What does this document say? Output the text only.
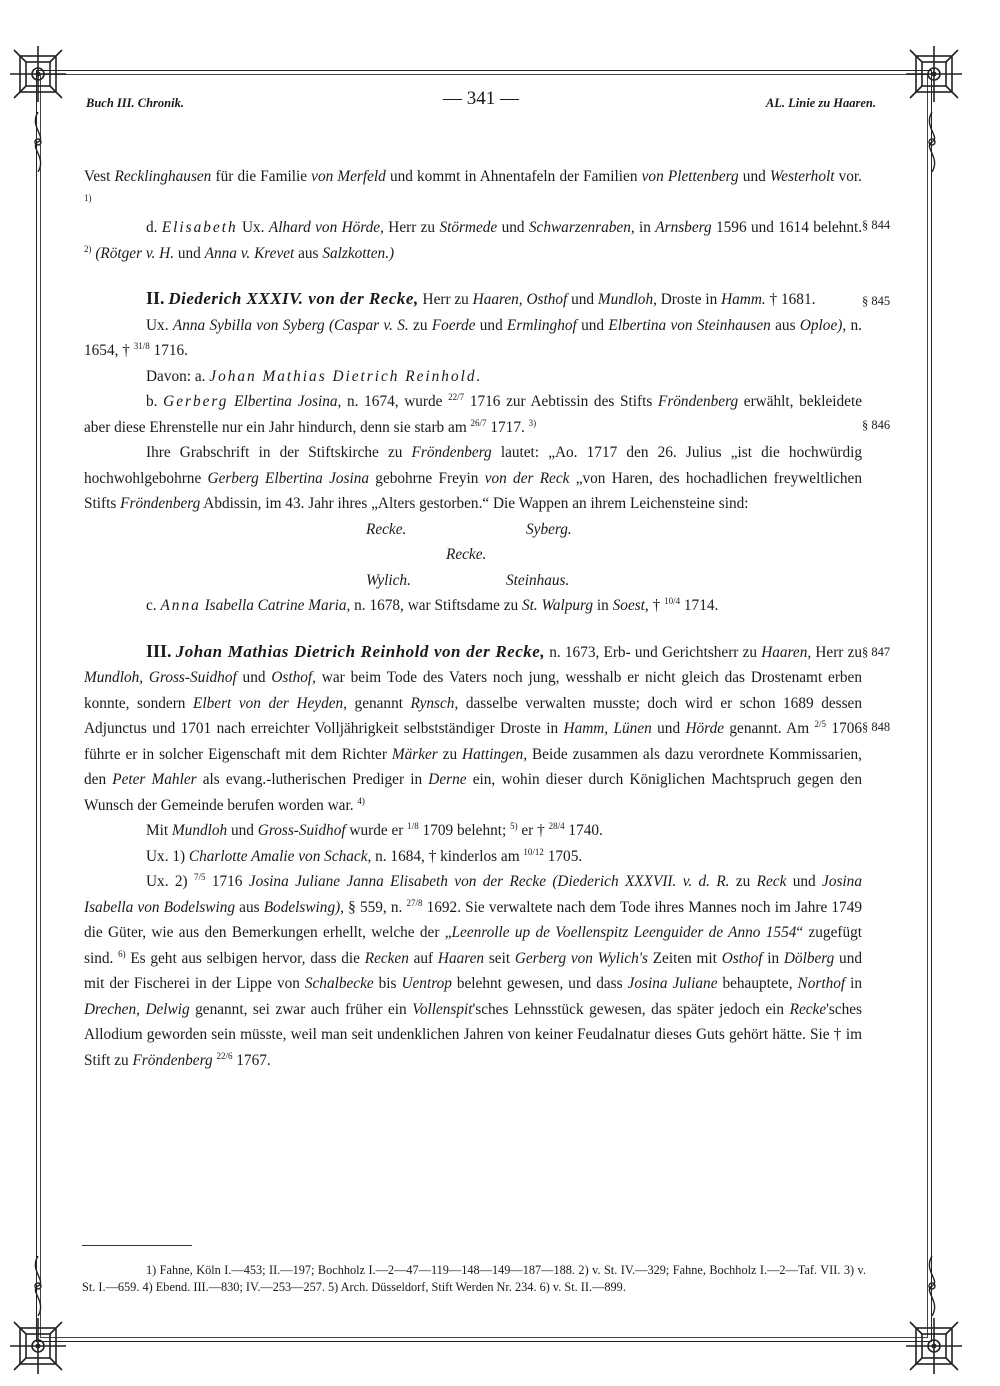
Buch III. Chronik.	— 341 —	AL. Linie zu Haaren.
§ 844
§ 845
§ 846
§ 847
§ 848

Vest Recklinghausen für die Familie von Merfeld und kommt in Ahnentafeln der Familien von Plettenberg und Westerholt vor. $^{1)}$

d. Elisabeth Ux. Alhard von Hörde, Herr zu Störmede und Schwarzenraben, in Arnsberg 1596 und 1614 belehnt. $^{2)}$ (Rötger v. H. und Anna v. Krevet aus Salzkotten.)

II. Diederich XXXIV. von der Recke, Herr zu Haaren, Osthof und Mundloh, Droste in Hamm. † 1681.

Ux. Anna Sybilla von Syberg (Caspar v. S. zu Foerde und Ermlinghof und Elbertina von Steinhausen aus Oploe), n. 1654, † $^{31/8}$ 1716.

Davon: a. Johan Mathias Dietrich Reinhold.

b. Gerberg Elbertina Josina, n. 1674, wurde $^{22/7}$ 1716 zur Aebtissin des Stifts Fröndenberg erwählt, bekleidete aber diese Ehrenstelle nur ein Jahr hindurch, denn sie starb am $^{26/7}$ 1717. $^{3)}$

Ihre Grabschrift in der Stiftskirche zu Fröndenberg lautet: „Ao. 1717 den 26. Julius „ist die hochwürdig hochwohlgebohrne Gerberg Elbertina Josina gebohrne Freyin von der Reck „von Haren, des hochadlichen freyweltlichen Stifts Fröndenberg Abdissin, im 43. Jahr ihres „Alters gestorben.“ Die Wappen an ihrem Leichensteine sind:

Recke.	Syberg.
Recke.
Wylich.	Steinhaus.

c. Anna Isabella Catrine Maria, n. 1678, war Stiftsdame zu St. Walpurg in Soest, † $^{10/4}$ 1714.

III. Johan Mathias Dietrich Reinhold von der Recke, n. 1673, Erb- und Gerichtsherr zu Haaren, Herr zu Mundloh, Gross-Suidhof und Osthof, war beim Tode des Vaters noch jung, wesshalb er nicht gleich das Drostenamt erben konnte, sondern Elbert von der Heyden, genannt Rynsch, dasselbe verwalten musste; doch wird er schon 1689 dessen Adjunctus und 1701 nach erreichter Volljährigkeit selbstständiger Droste in Hamm, Lünen und Hörde genannt. Am $^{2/5}$ 1706 führte er in solcher Eigenschaft mit dem Richter Märker zu Hattingen, Beide zusammen als dazu verordnete Kommissarien, den Peter Mahler als evang.-lutherischen Prediger in Derne ein, wohin dieser durch Königlichen Machtspruch gegen den Wunsch der Gemeinde berufen worden war. $^{4)}$

Mit Mundloh und Gross-Suidhof wurde er $^{1/8}$ 1709 belehnt; $^{5)}$ er † $^{28/4}$ 1740.

Ux. 1) Charlotte Amalie von Schack, n. 1684, † kinderlos am $^{10/12}$ 1705.

Ux. 2) $^{7/5}$ 1716 Josina Juliane Janna Elisabeth von der Recke (Diederich XXXVII. v. d. R. zu Reck und Josina Isabella von Bodelswing aus Bodelswing), § 559, n. $^{27/8}$ 1692. Sie verwaltete nach dem Tode ihres Mannes noch im Jahre 1749 die Güter, wie aus den Bemerkungen erhellt, welche der „Leenrolle up de Voellenspitz Leenguider de Anno 1554“ zugefügt sind. $^{6)}$ Es geht aus selbigen hervor, dass die Recken auf Haaren seit Gerberg von Wylich's Zeiten mit Osthof in Dölberg und mit der Fischerei in der Lippe von Schalbecke bis Uentrop belehnt gewesen, und dass Josina Juliane behauptete, Northof in Drechen, Delwig genannt, sei zwar auch früher ein Vollenspit'sches Lehnsstück gewesen, das später jedoch ein Recke'sches Allodium geworden sein müsste, weil man seit undenklichen Jahren von keiner Feudalnatur dieses Guts gehört hätte. Sie † im Stift zu Fröndenberg $^{22/6}$ 1767.

1) Fahne, Köln I.—453; II.—197; Bochholz I.—2—47—119—148—149—187—188. 2) v. St. IV.—329; Fahne, Bochholz I.—2—Taf. VII. 3) v. St. I.—659. 4) Ebend. III.—830; IV.—253—257. 5) Arch. Düsseldorf, Stift Werden Nr. 234. 6) v. St. II.—899.
